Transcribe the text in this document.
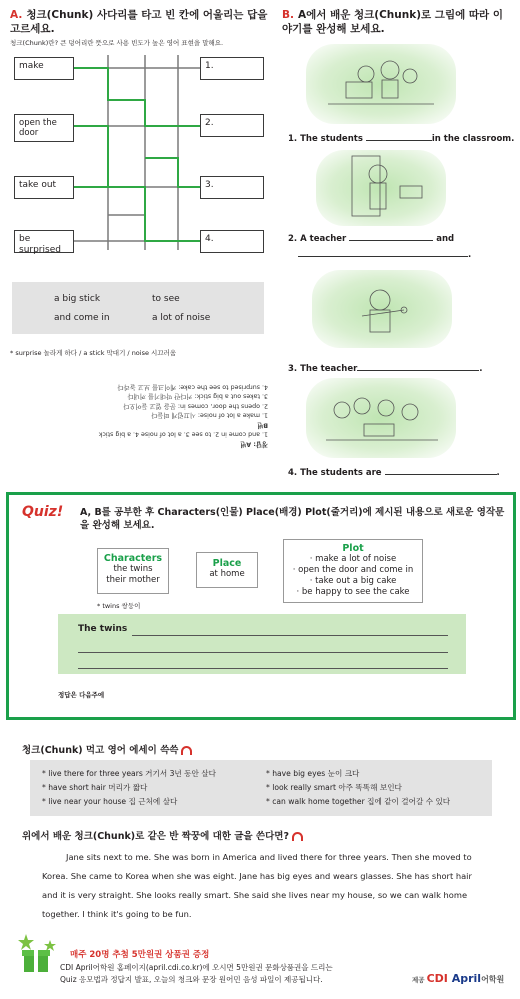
A. 청크(Chunk) 사다리를 타고 빈 칸에 어울리는 답을 고르세요.
청크(Chunk)란? 큰 덩어리란 뜻으로 사용 빈도가 높은 영어 표현을 말해요.
make
open the door
take out
be surprised
1.
2.
3.
4.
a big stick	to see
and come in	a lot of noise
* surprise 놀라게 하다 / a stick 막대기 / noise 시끄러움
정답: A번
1. and come in 2. to see 3. a lot of noise 4. a big stick
B번
1. make a lot of noise: 시끄럽게 떠들다
2. opens the door, comes in: 문을 열고 들어오다
3. takes out a big stick: 커다란 막대기를 꺼내다
4. surprised to see the cake: 케이크를 보고 놀라다
B. A에서 배운 청크(Chunk)로 그림에 따라 이야기를 완성해 보세요.
1. The students	in the classroom.
2. A teacher	and
.
3. The teacher	.
4. The students are	.
Quiz! A, B를 공부한 후 Characters(인물) Place(배경) Plot(줄거리)에 제시된 내용으로 새로운 영작문을 완성해 보세요.
Characters
the twins
their mother
Place
at home
Plot
· make a lot of noise
· open the door and come in
· take out a big cake
· be happy to see the cake
* twins 쌍둥이
The twins
정답은 다음주에
청크(Chunk) 먹고 영어 에세이 쓱쓱
* live there for three years 거기서 3년 동안 살다
* have short hair 머리가 짧다
* live near your house 집 근처에 살다
* have big eyes 눈이 크다
* look really smart 아주 똑똑해 보인다
* can walk home together 집에 같이 걸어갈 수 있다
위에서 배운 청크(Chunk)로 같은 반 짝꿍에 대한 글을 쓴다면?
Jane sits next to me. She was born in America and lived there for three years. Then she moved to Korea. She came to Korea when she was eight. Jane has big eyes and wears glasses. She has short hair and it is very straight. She looks really smart. She said she lives near my house, so we can walk home together. I think it's going to be fun.
매주 20명 추첨 5만원권 상품권 증정
CDI April어학원 홈페이지(april.cdi.co.kr)에 오시면 5만원권 문화상품권을 드리는
Quiz 응모법과 정답지 발표, 오늘의 청크와 문장 원어민 음성 파일이 제공됩니다.	제공 CDI April어학원
